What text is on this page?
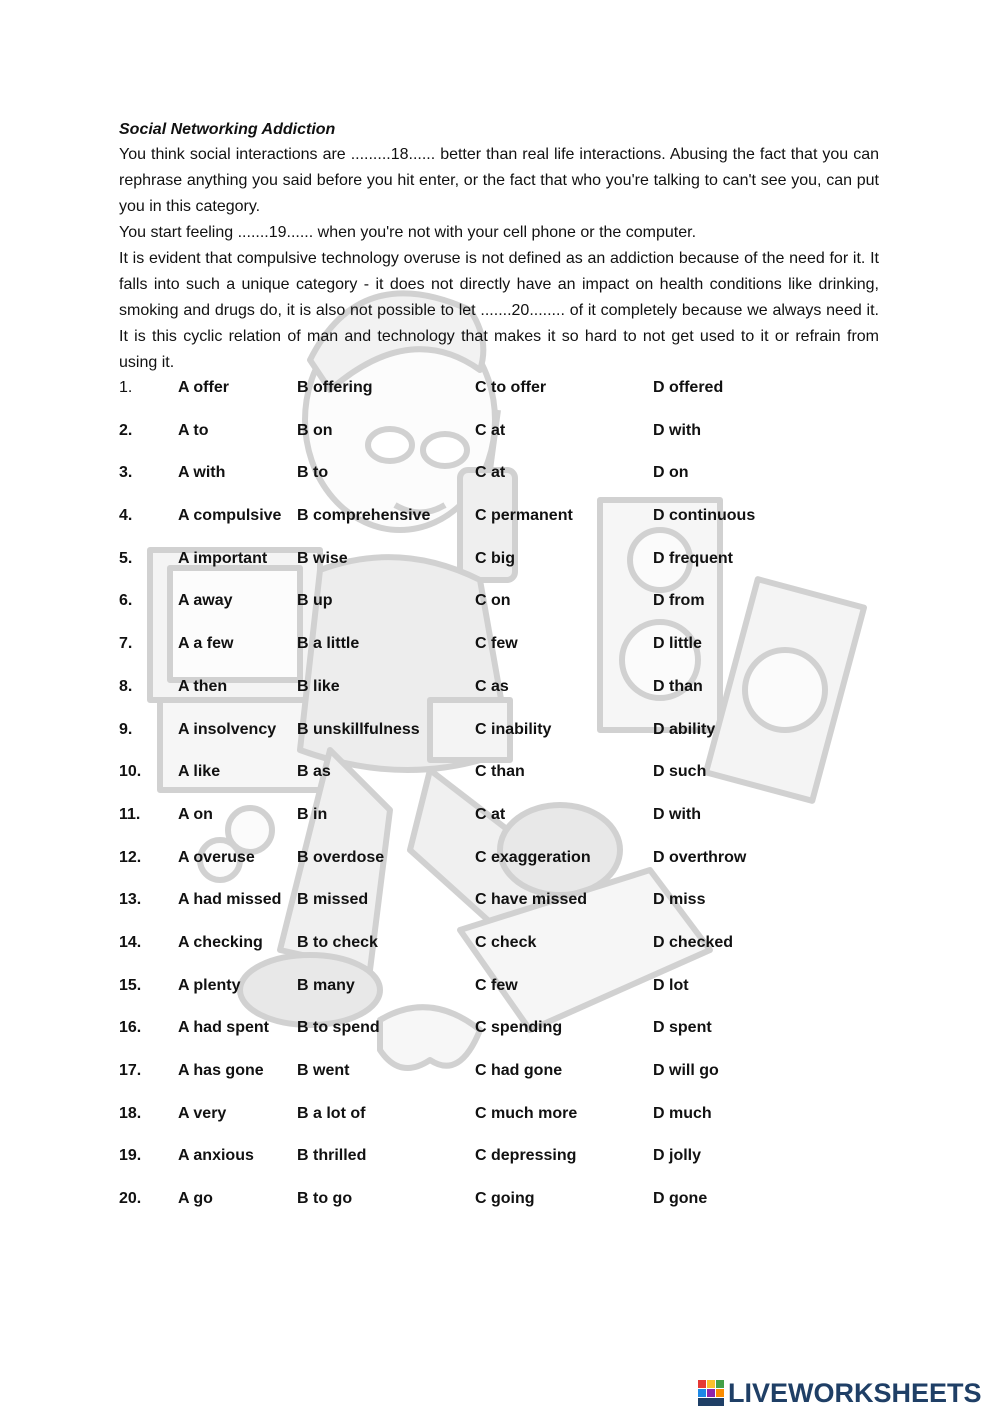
Social Networking Addiction

You think social interactions are .........18...... better than real life interactions. Abusing the fact that you can rephrase anything you said before you hit enter, or the fact that who you're talking to can't see you, can put you in this category.

You start feeling .......19...... when you're not with your cell phone or the computer.

It is evident that compulsive technology overuse is not defined as an addiction because of the need for it. It falls into such a unique category - it does not directly have an impact on health conditions like drinking, smoking and drugs do, it is also not possible to let .......20........ of it completely because we always need it. It is this cyclic relation of man and technology that makes it so hard to not get used to it or refrain from using it.

1.	A offer	B offering	C to offer	D offered
2.	A to	B on	C at	D with
3.	A with	B to	C at	D on
4.	A compulsive B comprehensive	C permanent	D continuous
5.	A important B wise	C big	D frequent
6.	A away	B up	C on	D from
7.	A a few	B a little	C few	D little
8.	A then	B like	C as	D than
9.	A insolvency B unskillfulness	C inability	D ability
10. A like	B as	C than	D such
11. A on	B in	C at	D with
12. A overuse	B overdose	C exaggeration	D overthrow
13. A had missed B missed	C have missed	D miss
14. A checking B to check	C check	D checked
15. A plenty	B many	C few	D lot
16. A had spent B to spend	C spending	D spent
17. A has gone B went	C had gone	D will go
18. A very	B a lot of	C much more	D much
19. A anxious	B thrilled	C depressing	D jolly
20. A go	B to go	C going	D gone
LIVEWORKSHEETS
